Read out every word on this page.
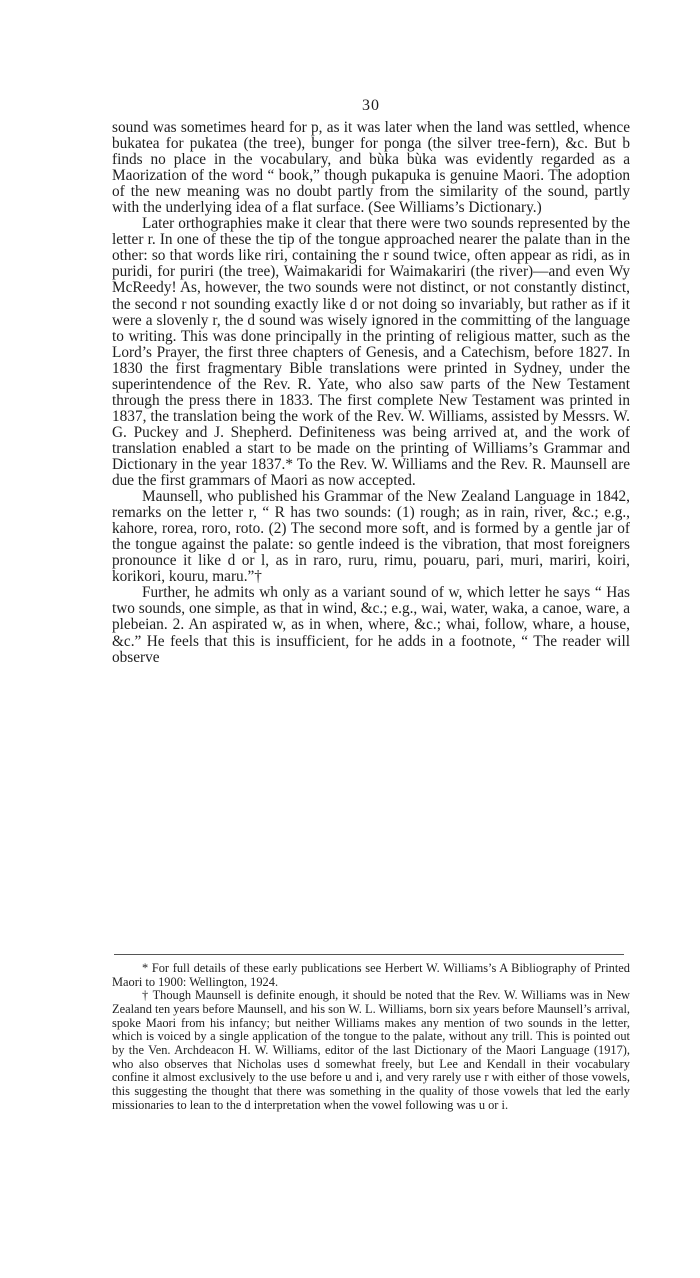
30

sound was sometimes heard for p, as it was later when the land was settled, whence bukatea for pukatea (the tree), bunger for ponga (the silver tree-fern), &c. But b finds no place in the vocabulary, and bùka bùka was evidently regarded as a Maorization of the word “ book,” though pukapuka is genuine Maori. The adoption of the new meaning was no doubt partly from the similarity of the sound, partly with the underlying idea of a flat surface. (See Williams’s Dictionary.)

Later orthographies make it clear that there were two sounds represented by the letter r. In one of these the tip of the tongue approached nearer the palate than in the other: so that words like riri, containing the r sound twice, often appear as ridi, as in puridi, for puriri (the tree), Waimakaridi for Waimakariri (the river)—and even Wy McReedy! As, however, the two sounds were not distinct, or not constantly distinct, the second r not sounding exactly like d or not doing so invariably, but rather as if it were a slovenly r, the d sound was wisely ignored in the committing of the language to writing. This was done principally in the printing of religious matter, such as the Lord’s Prayer, the first three chapters of Genesis, and a Catechism, before 1827. In 1830 the first fragmentary Bible translations were printed in Sydney, under the superintendence of the Rev. R. Yate, who also saw parts of the New Testament through the press there in 1833. The first complete New Testament was printed in 1837, the translation being the work of the Rev. W. Williams, assisted by Messrs. W. G. Puckey and J. Shepherd. Definiteness was being arrived at, and the work of translation enabled a start to be made on the printing of Williams’s Grammar and Dictionary in the year 1837.* To the Rev. W. Williams and the Rev. R. Maunsell are due the first grammars of Maori as now accepted.

Maunsell, who published his Grammar of the New Zealand Language in 1842, remarks on the letter r, “ R has two sounds: (1) rough; as in rain, river, &c.; e.g., kahore, rorea, roro, roto. (2) The second more soft, and is formed by a gentle jar of the tongue against the palate: so gentle indeed is the vibration, that most foreigners pronounce it like d or l, as in raro, ruru, rimu, pouaru, pari, muri, mariri, koiri, korikori, kouru, maru.”†

Further, he admits wh only as a variant sound of w, which letter he says “ Has two sounds, one simple, as that in wind, &c.; e.g., wai, water, waka, a canoe, ware, a plebeian. 2. An aspirated w, as in when, where, &c.; whai, follow, whare, a house, &c.” He feels that this is insufficient, for he adds in a footnote, “ The reader will observe

* For full details of these early publications see Herbert W. Williams’s A Bibliography of Printed Maori to 1900: Wellington, 1924.

† Though Maunsell is definite enough, it should be noted that the Rev. W. Williams was in New Zealand ten years before Maunsell, and his son W. L. Williams, born six years before Maunsell’s arrival, spoke Maori from his infancy; but neither Williams makes any mention of two sounds in the letter, which is voiced by a single application of the tongue to the palate, without any trill. This is pointed out by the Ven. Archdeacon H. W. Williams, editor of the last Dictionary of the Maori Language (1917), who also observes that Nicholas uses d somewhat freely, but Lee and Kendall in their vocabulary confine it almost exclusively to the use before u and i, and very rarely use r with either of those vowels, this suggesting the thought that there was something in the quality of those vowels that led the early missionaries to lean to the d interpretation when the vowel following was u or i.
